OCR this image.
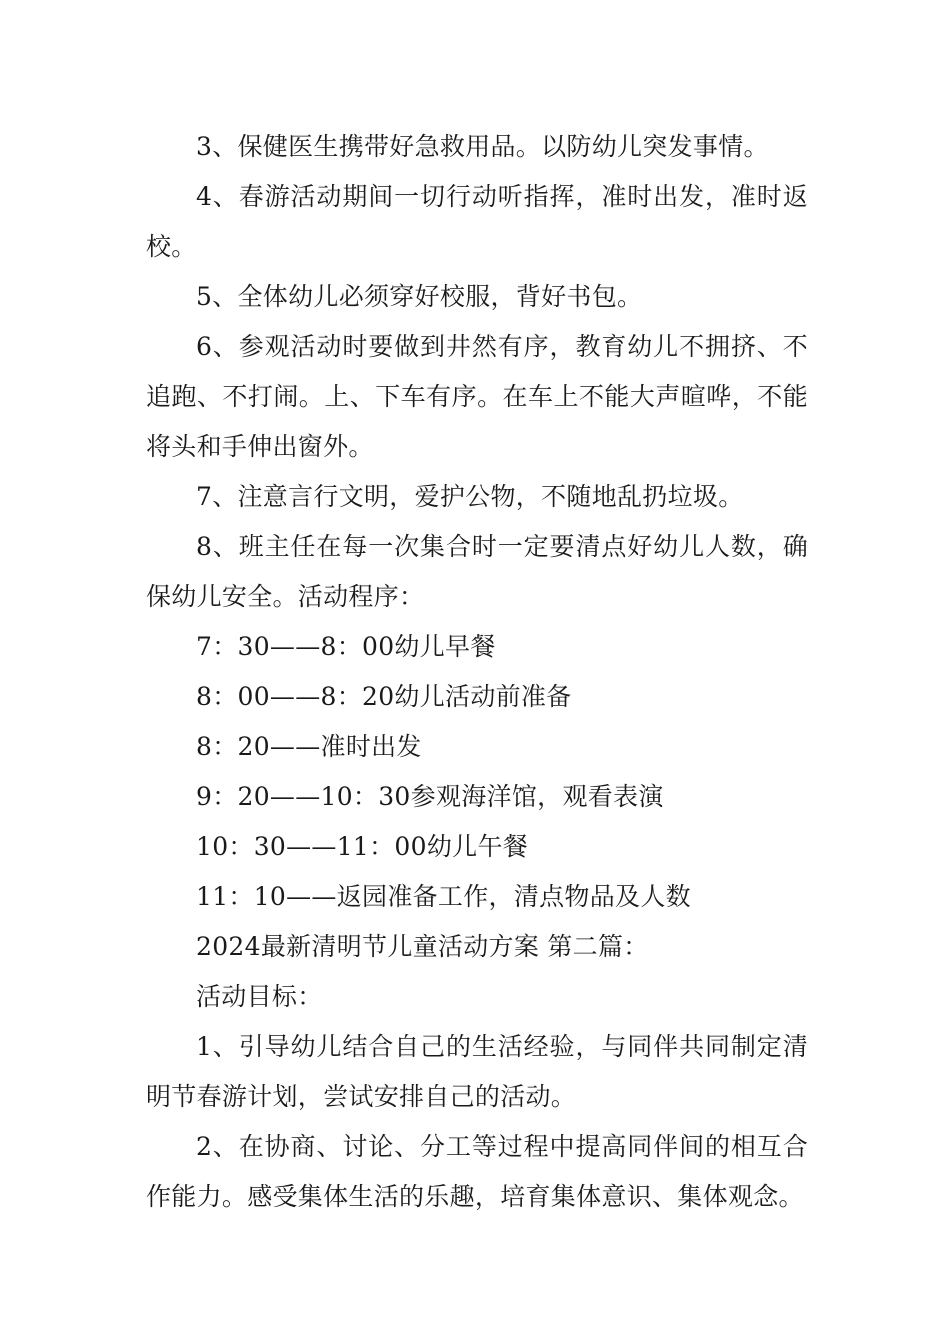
3、保健医生携带好急救用品。以防幼儿突发事情。

4、春游活动期间一切行动听指挥，准时出发，准时返校。

5、全体幼儿必须穿好校服，背好书包。

6、参观活动时要做到井然有序，教育幼儿不拥挤、不追跑、不打闹。上、下车有序。在车上不能大声暄哗，不能将头和手伸出窗外。

7、注意言行文明，爱护公物，不随地乱扔垃圾。

8、班主任在每一次集合时一定要清点好幼儿人数，确保幼儿安全。活动程序：

7：30——8：00幼儿早餐

8：00——8：20幼儿活动前准备

8：20——准时出发

9：20——10：30参观海洋馆，观看表演

10：30——11：00幼儿午餐

11：10——返园准备工作，清点物品及人数

2024最新清明节儿童活动方案 第二篇：

活动目标：

1、引导幼儿结合自己的生活经验，与同伴共同制定清明节春游计划，尝试安排自己的活动。

2、在协商、讨论、分工等过程中提高同伴间的相互合作能力。感受集体生活的乐趣，培育集体意识、集体观念。
